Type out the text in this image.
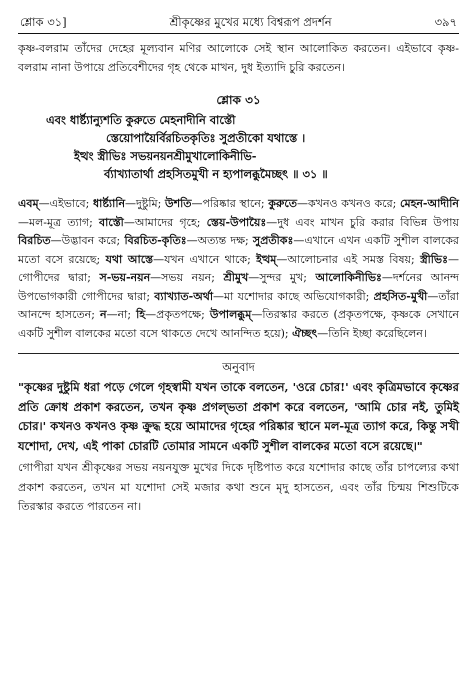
শ্লোক ৩১]	শ্রীকৃষ্ণের মুখের মধ্যে বিশ্বরূপ প্রদর্শন	৩৯৭

কৃষ্ণ-বলরাম তাঁদের দেহের মূল্যবান মণির আলোকে সেই স্থান আলোকিত করতেন। এইভাবে কৃষ্ণ-বলরাম নানা উপায়ে প্রতিবেশীদের গৃহ থেকে মাখন, দুধ ইত্যাদি চুরি করতেন।

শ্লোক ৩১
এবং ধার্ষ্ট্যান্যুশতি কুরুতে মেহনাদীনি বাস্তৌ
স্তেয়োপায়ৈর্বিরচিতকৃতিঃ সুপ্রতীকো যথাস্তে ।
ইত্থং স্ত্রীভিঃ সভয়নয়নশ্রীমুখালোকিনীভি-
র্ব্যাখ্যাতার্থা প্রহসিতমুখী ন হ্যপালব্ধুমৈচ্ছৎ ॥ ৩১ ॥

এবম্—এইভাবে; ধার্ষ্ট্যানি—দুষ্টুমি; উশতি—পরিষ্কার স্থানে; কুরুতে—কখনও কখনও করে; মেহন-আদীনি—মল-মূত্র ত্যাগ; বাস্তৌ—আমাদের গৃহে; স্তেয়-উপায়ৈঃ—দুধ এবং মাখন চুরি করার বিভিন্ন উপায় বিরচিত—উদ্ভাবন করে; বিরচিত-কৃতিঃ—অত্যন্ত দক্ষ; সুপ্রতীকঃ—এখানে এখন একটি সুশীল বালকের মতো বসে রয়েছে; যথা আস্তে—যখন এখানে থাকে; ইত্থম্—আলোচনার এই সমস্ত বিষয়; স্ত্রীভিঃ—গোপীদের দ্বারা; স-ভয়-নয়ন—সভয় নয়ন; শ্রীমুখ—সুন্দর মুখ; আলোকিনীভিঃ—দর্শনের আনন্দ উপভোগকারী গোপীদের দ্বারা; ব্যাখ্যাত-অর্থা—মা যশোদার কাছে অভিযোগকারী; প্রহসিত-মুখী—তাঁরা আনন্দে হাসতেন; ন—না; হি—প্রকৃতপক্ষে; উপালব্ধুম্—তিরস্কার করতে (প্রকৃতপক্ষে, কৃষ্ণকে সেখানে একটি সুশীল বালকের মতো বসে থাকতে দেখে আনন্দিত হয়ে); ঐচ্ছৎ—তিনি ইচ্ছা করেছিলেন।

অনুবাদ

"কৃষ্ণের দুষ্টুমি ধরা পড়ে গেলে গৃহস্বামী যখন তাকে বলতেন, 'ওরে চোর!' এবং কৃত্রিমভাবে কৃষ্ণের প্রতি ক্রোধ প্রকাশ করতেন, তখন কৃষ্ণ প্রগল্ভতা প্রকাশ করে বলতেন, 'আমি চোর নই, তুমিই চোর।' কখনও কখনও কৃষ্ণ ক্রুদ্ধ হয়ে আমাদের গৃহের পরিষ্কার স্থানে মল-মূত্র ত্যাগ করে, কিন্তু সখী যশোদা, দেখ, এই পাকা চোরটি তোমার সামনে একটি সুশীল বালকের মতো বসে রয়েছে।"

গোপীরা যখন শ্রীকৃষ্ণের সভয় নয়নযুক্ত মুখের দিকে দৃষ্টিপাত করে যশোদার কাছে তাঁর চাপল্যের কথা প্রকাশ করতেন, তখন মা যশোদা সেই মজার কথা শুনে মৃদু হাসতেন, এবং তাঁর চিন্ময় শিশুটিকে তিরস্কার করতে পারতেন না।
